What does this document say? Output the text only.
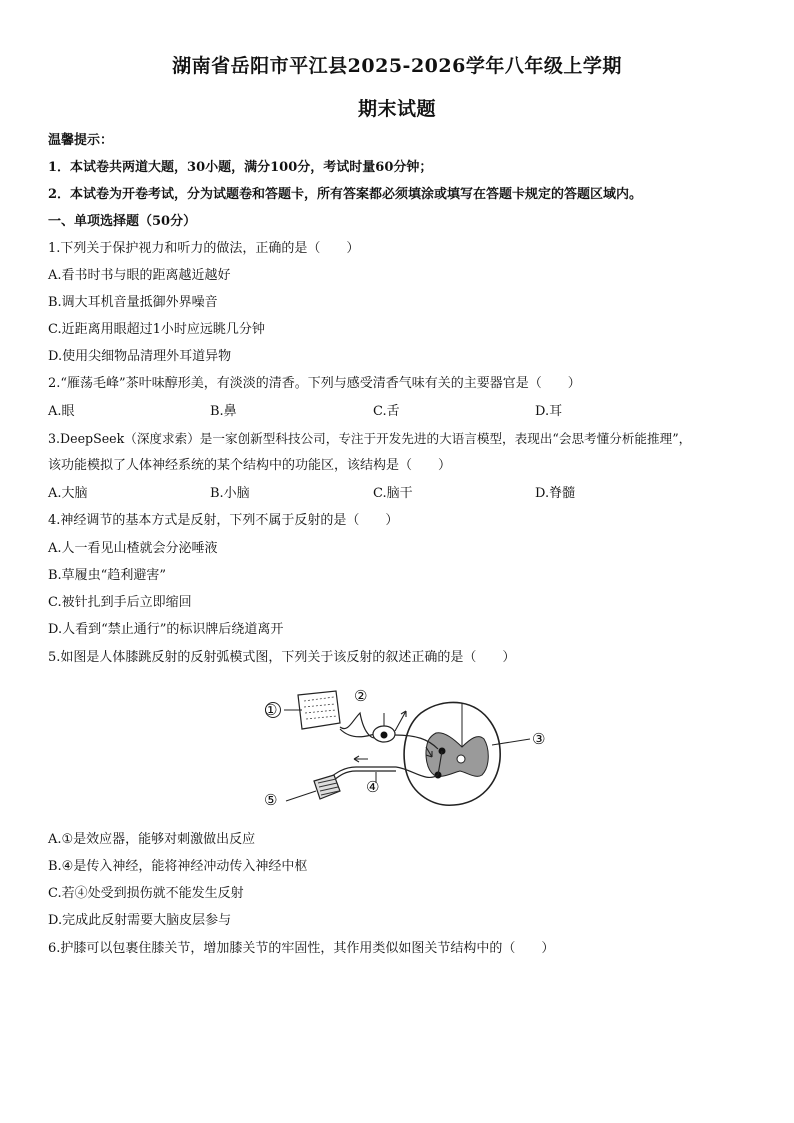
湖南省岳阳市平江县2025-2026学年八年级上学期
期末试题
温馨提示：
1．本试卷共两道大题，30小题，满分100分，考试时量60分钟；
2．本试卷为开卷考试，分为试题卷和答题卡，所有答案都必须填涂或填写在答题卡规定的答题区域内。
一、单项选择题（50分）
1.下列关于保护视力和听力的做法，正确的是（　　）
A.看书时书与眼的距离越近越好
B.调大耳机音量抵御外界噪音
C.近距离用眼超过1小时应远眺几分钟
D.使用尖细物品清理外耳道异物
2.“雁荡毛峰”茶叶味醇形美，有淡淡的清香。下列与感受清香气味有关的主要器官是（　　）
A.眼	B.鼻	C.舌	D.耳
3.DeepSeek（深度求索）是一家创新型科技公司，专注于开发先进的大语言模型，表现出“会思考懂分析能推理”，
该功能模拟了人体神经系统的某个结构中的功能区，该结构是（　　）
A.大脑	B.小脑	C.脑干	D.脊髓
4.神经调节的基本方式是反射，下列不属于反射的是（　　）
A.人一看见山楂就会分泌唾液
B.草履虫“趋利避害”
C.被针扎到手后立即缩回
D.人看到“禁止通行”的标识牌后绕道离开
5.如图是人体膝跳反射的反射弧模式图，下列关于该反射的叙述正确的是（　　）
①
②
③
④
⑤
A.①是效应器，能够对刺激做出反应
B.④是传入神经，能将神经冲动传入神经中枢
C.若④处受到损伤就不能发生反射
D.完成此反射需要大脑皮层参与
6.护膝可以包裹住膝关节，增加膝关节的牢固性，其作用类似如图关节结构中的（　　）
